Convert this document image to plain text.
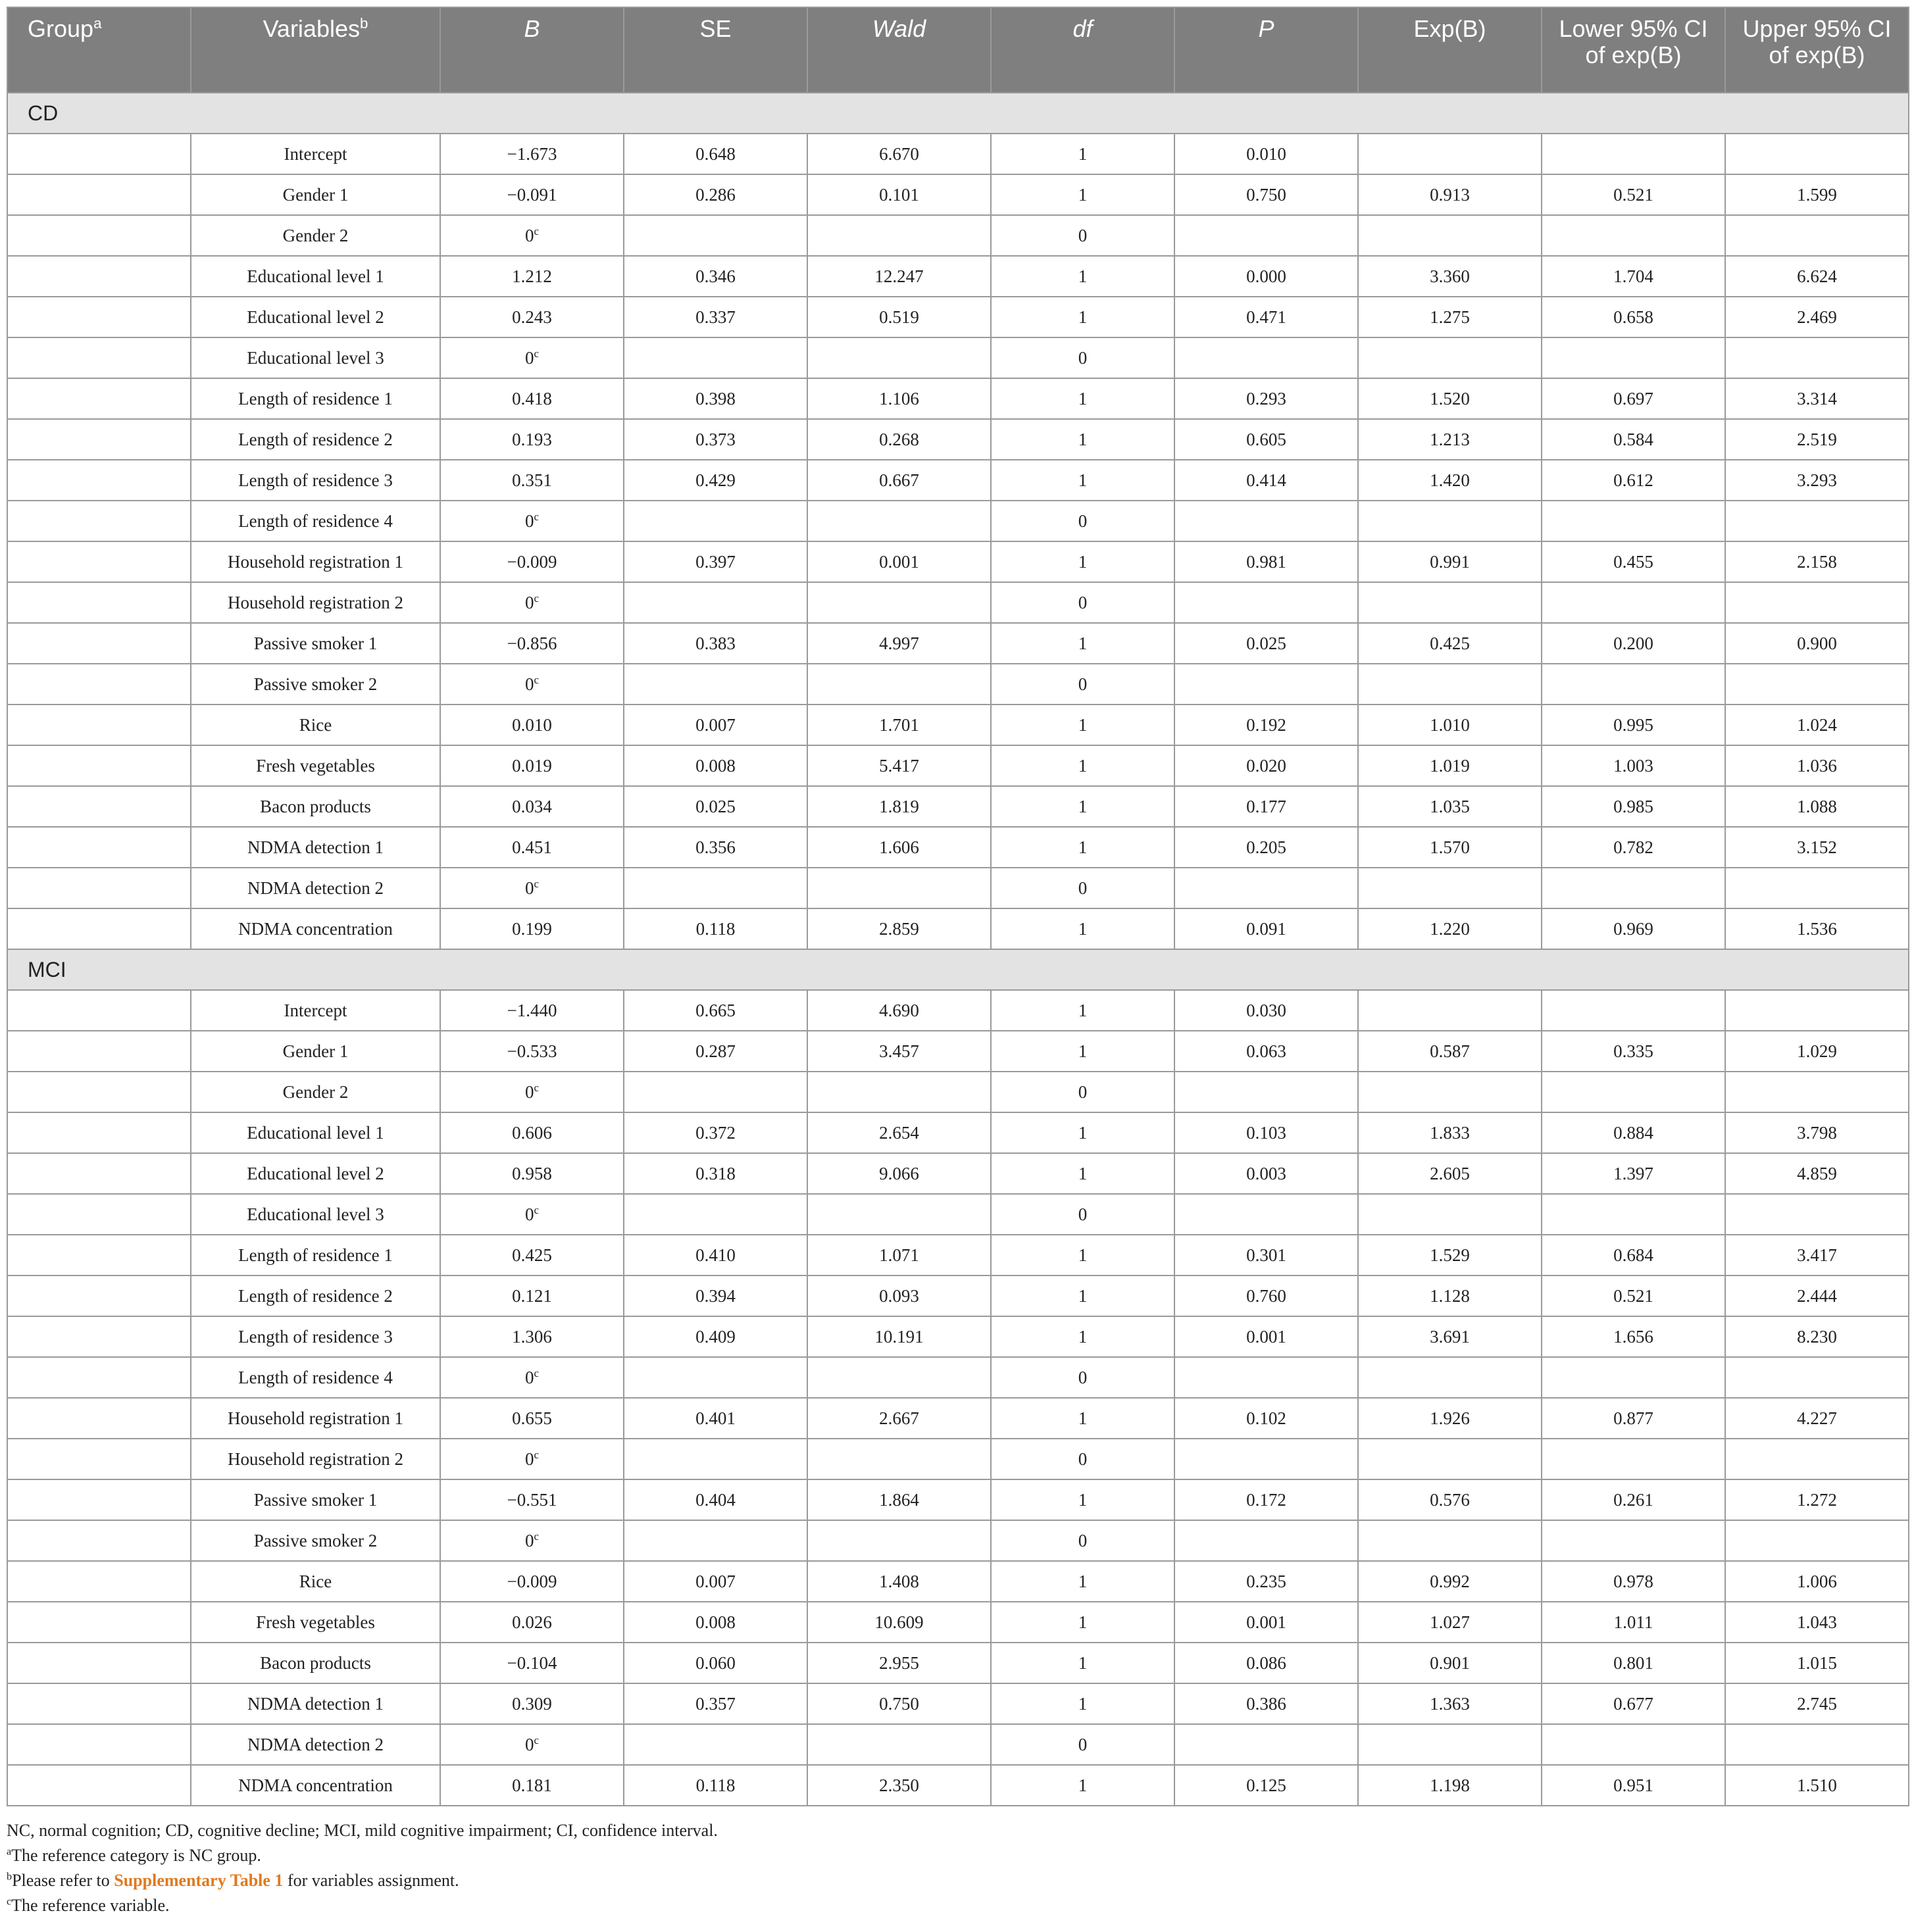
Group$^a$	Variables$^b$	B	SE	Wald	df	P	Exp(B)	Lower 95% CI of exp(B)	Upper 95% CI of exp(B)
CD									
	Intercept	−1.673	0.648	6.670	1	0.010			
	Gender 1	−0.091	0.286	0.101	1	0.750	0.913	0.521	1.599
	Gender 2	0$^c$			0				
	Educational level 1	1.212	0.346	12.247	1	0.000	3.360	1.704	6.624
	Educational level 2	0.243	0.337	0.519	1	0.471	1.275	0.658	2.469
	Educational level 3	0$^c$			0				
	Length of residence 1	0.418	0.398	1.106	1	0.293	1.520	0.697	3.314
	Length of residence 2	0.193	0.373	0.268	1	0.605	1.213	0.584	2.519
	Length of residence 3	0.351	0.429	0.667	1	0.414	1.420	0.612	3.293
	Length of residence 4	0$^c$			0				
	Household registration 1	−0.009	0.397	0.001	1	0.981	0.991	0.455	2.158
	Household registration 2	0$^c$			0				
	Passive smoker 1	−0.856	0.383	4.997	1	0.025	0.425	0.200	0.900
	Passive smoker 2	0$^c$			0				
	Rice	0.010	0.007	1.701	1	0.192	1.010	0.995	1.024
	Fresh vegetables	0.019	0.008	5.417	1	0.020	1.019	1.003	1.036
	Bacon products	0.034	0.025	1.819	1	0.177	1.035	0.985	1.088
	NDMA detection 1	0.451	0.356	1.606	1	0.205	1.570	0.782	3.152
	NDMA detection 2	0$^c$			0				
	NDMA concentration	0.199	0.118	2.859	1	0.091	1.220	0.969	1.536
MCI									
	Intercept	−1.440	0.665	4.690	1	0.030			
	Gender 1	−0.533	0.287	3.457	1	0.063	0.587	0.335	1.029
	Gender 2	0$^c$			0				
	Educational level 1	0.606	0.372	2.654	1	0.103	1.833	0.884	3.798
	Educational level 2	0.958	0.318	9.066	1	0.003	2.605	1.397	4.859
	Educational level 3	0$^c$			0				
	Length of residence 1	0.425	0.410	1.071	1	0.301	1.529	0.684	3.417
	Length of residence 2	0.121	0.394	0.093	1	0.760	1.128	0.521	2.444
	Length of residence 3	1.306	0.409	10.191	1	0.001	3.691	1.656	8.230
	Length of residence 4	0$^c$			0				
	Household registration 1	0.655	0.401	2.667	1	0.102	1.926	0.877	4.227
	Household registration 2	0$^c$			0				
	Passive smoker 1	−0.551	0.404	1.864	1	0.172	0.576	0.261	1.272
	Passive smoker 2	0$^c$			0				
	Rice	−0.009	0.007	1.408	1	0.235	0.992	0.978	1.006
	Fresh vegetables	0.026	0.008	10.609	1	0.001	1.027	1.011	1.043
	Bacon products	−0.104	0.060	2.955	1	0.086	0.901	0.801	1.015
	NDMA detection 1	0.309	0.357	0.750	1	0.386	1.363	0.677	2.745
	NDMA detection 2	0$^c$			0				
	NDMA concentration	0.181	0.118	2.350	1	0.125	1.198	0.951	1.510

NC, normal cognition; CD, cognitive decline; MCI, mild cognitive impairment; CI, confidence interval.

$^a$The reference category is NC group.

$^b$Please refer to Supplementary Table 1 for variables assignment.

$^c$The reference variable.
